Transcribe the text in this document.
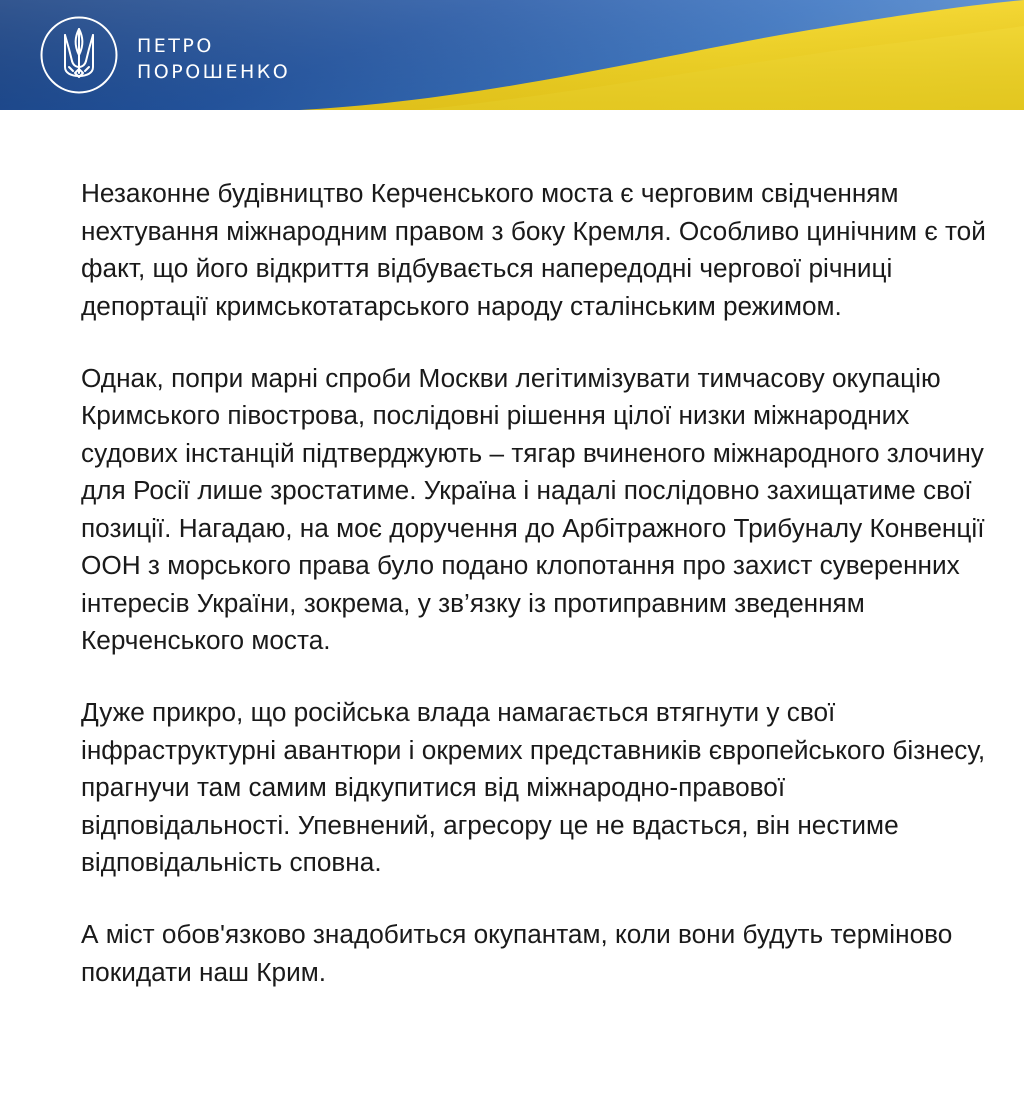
ПЕТРО
ПОРОШЕНКО

Незаконне будівництво Керченського моста є черговим свідченням нехтування міжнародним правом з боку Кремля. Особливо цинічним є той факт, що його відкриття відбувається напередодні чергової річниці депортації кримськотатарського народу сталінським режимом.

Однак, попри марні спроби Москви легітимізувати тимчасову окупацію Кримського півострова, послідовні рішення цілої низки міжнародних судових інстанцій підтверджують – тягар вчиненого міжнародного злочину для Росії лише зростатиме. Україна і надалі послідовно захищатиме свої позиції. Нагадаю, на моє доручення до Арбітражного Трибуналу Конвенції ООН з морського права було подано клопотання про захист суверенних інтересів України, зокрема, у зв’язку із протиправним зведенням Керченського моста.

Дуже прикро, що російська влада намагається втягнути у свої інфраструктурні авантюри і окремих представників європейського бізнесу, прагнучи там самим відкупитися від міжнародно-правової відповідальності. Упевнений, агресору це не вдасться, він нестиме відповідальність сповна.

А міст обов'язково знадобиться окупантам, коли вони будуть терміново покидати наш Крим.
